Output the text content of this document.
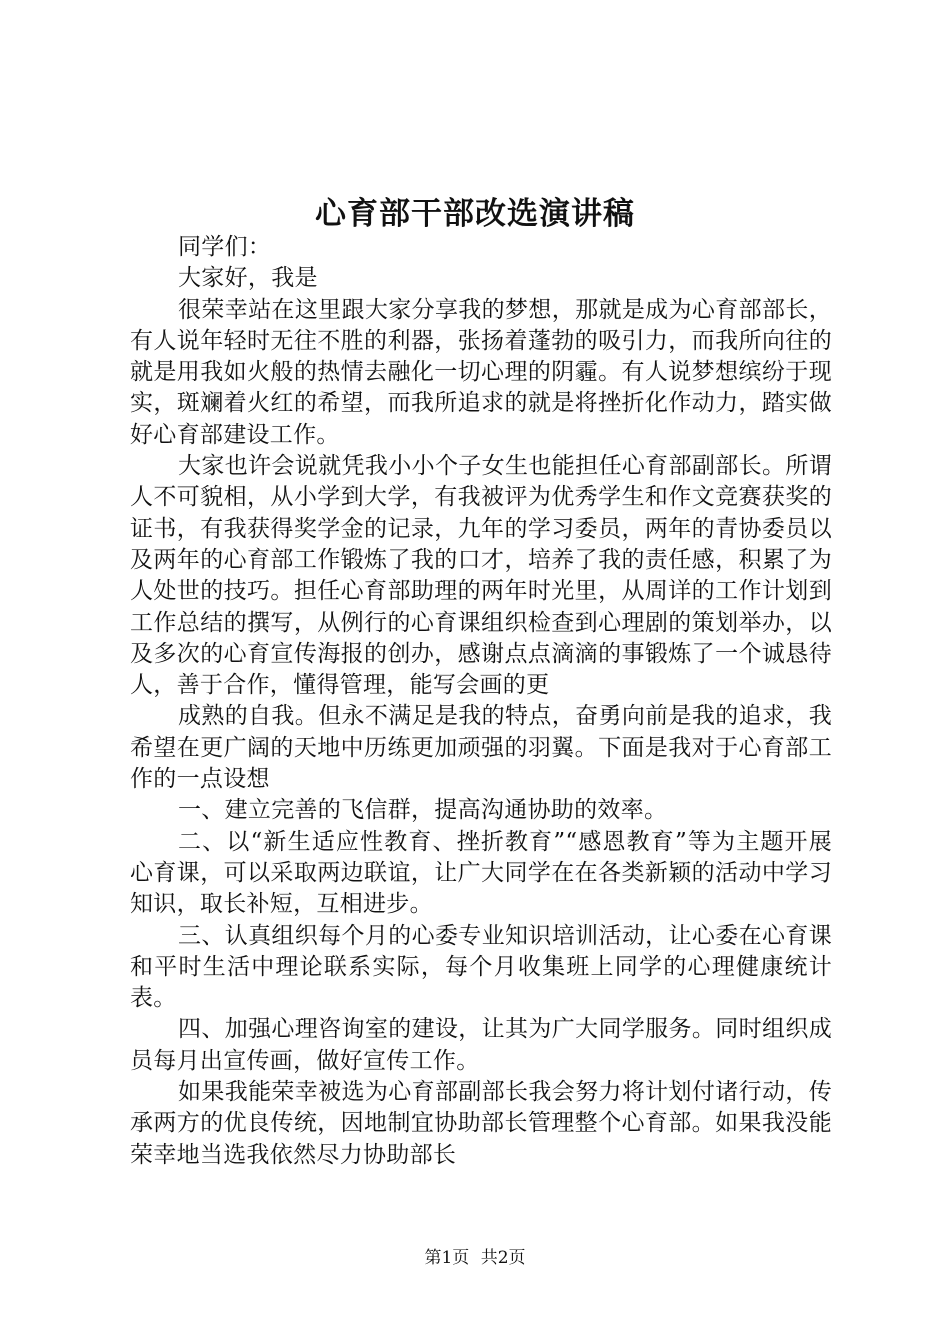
心育部干部改选演讲稿

同学们：

大家好，我是

很荣幸站在这里跟大家分享我的梦想，那就是成为心育部部长，有人说年轻时无往不胜的利器，张扬着蓬勃的吸引力，而我所向往的就是用我如火般的热情去融化一切心理的阴霾。有人说梦想缤纷于现实，斑斓着火红的希望，而我所追求的就是将挫折化作动力，踏实做好心育部建设工作。

大家也许会说就凭我小小个子女生也能担任心育部副部长。所谓人不可貌相，从小学到大学，有我被评为优秀学生和作文竞赛获奖的证书，有我获得奖学金的记录，九年的学习委员，两年的青协委员以及两年的心育部工作锻炼了我的口才，培养了我的责任感，积累了为人处世的技巧。担任心育部助理的两年时光里，从周详的工作计划到工作总结的撰写，从例行的心育课组织检查到心理剧的策划举办，以及多次的心育宣传海报的创办，感谢点点滴滴的事锻炼了一个诚恳待人，善于合作，懂得管理，能写会画的更

成熟的自我。但永不满足是我的特点，奋勇向前是我的追求，我希望在更广阔的天地中历练更加顽强的羽翼。下面是我对于心育部工作的一点设想

一、建立完善的飞信群，提高沟通协助的效率。

二、以“新生适应性教育、挫折教育”“感恩教育”等为主题开展心育课，可以采取两边联谊，让广大同学在在各类新颖的活动中学习知识，取长补短，互相进步。

三、认真组织每个月的心委专业知识培训活动，让心委在心育课和平时生活中理论联系实际，每个月收集班上同学的心理健康统计表。

四、加强心理咨询室的建设，让其为广大同学服务。同时组织成员每月出宣传画，做好宣传工作。

如果我能荣幸被选为心育部副部长我会努力将计划付诸行动，传承两方的优良传统，因地制宜协助部长管理整个心育部。如果我没能荣幸地当选我依然尽力协助部长

第1页 共2页
